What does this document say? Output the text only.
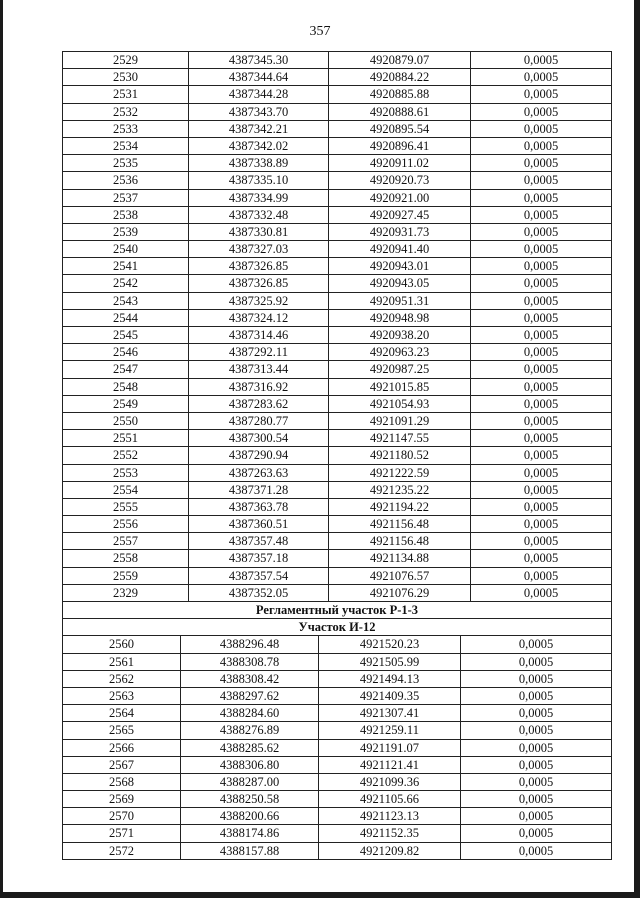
357
2529	4387345.30	4920879.07	0,0005
2530	4387344.64	4920884.22	0,0005
2531	4387344.28	4920885.88	0,0005
2532	4387343.70	4920888.61	0,0005
2533	4387342.21	4920895.54	0,0005
2534	4387342.02	4920896.41	0,0005
2535	4387338.89	4920911.02	0,0005
2536	4387335.10	4920920.73	0,0005
2537	4387334.99	4920921.00	0,0005
2538	4387332.48	4920927.45	0,0005
2539	4387330.81	4920931.73	0,0005
2540	4387327.03	4920941.40	0,0005
2541	4387326.85	4920943.01	0,0005
2542	4387326.85	4920943.05	0,0005
2543	4387325.92	4920951.31	0,0005
2544	4387324.12	4920948.98	0,0005
2545	4387314.46	4920938.20	0,0005
2546	4387292.11	4920963.23	0,0005
2547	4387313.44	4920987.25	0,0005
2548	4387316.92	4921015.85	0,0005
2549	4387283.62	4921054.93	0,0005
2550	4387280.77	4921091.29	0,0005
2551	4387300.54	4921147.55	0,0005
2552	4387290.94	4921180.52	0,0005
2553	4387263.63	4921222.59	0,0005
2554	4387371.28	4921235.22	0,0005
2555	4387363.78	4921194.22	0,0005
2556	4387360.51	4921156.48	0,0005
2557	4387357.48	4921156.48	0,0005
2558	4387357.18	4921134.88	0,0005
2559	4387357.54	4921076.57	0,0005
2329	4387352.05	4921076.29	0,0005
Регламентный участок Р-1-3
Участок И-12
2560	4388296.48	4921520.23	0,0005
2561	4388308.78	4921505.99	0,0005
2562	4388308.42	4921494.13	0,0005
2563	4388297.62	4921409.35	0,0005
2564	4388284.60	4921307.41	0,0005
2565	4388276.89	4921259.11	0,0005
2566	4388285.62	4921191.07	0,0005
2567	4388306.80	4921121.41	0,0005
2568	4388287.00	4921099.36	0,0005
2569	4388250.58	4921105.66	0,0005
2570	4388200.66	4921123.13	0,0005
2571	4388174.86	4921152.35	0,0005
2572	4388157.88	4921209.82	0,0005
